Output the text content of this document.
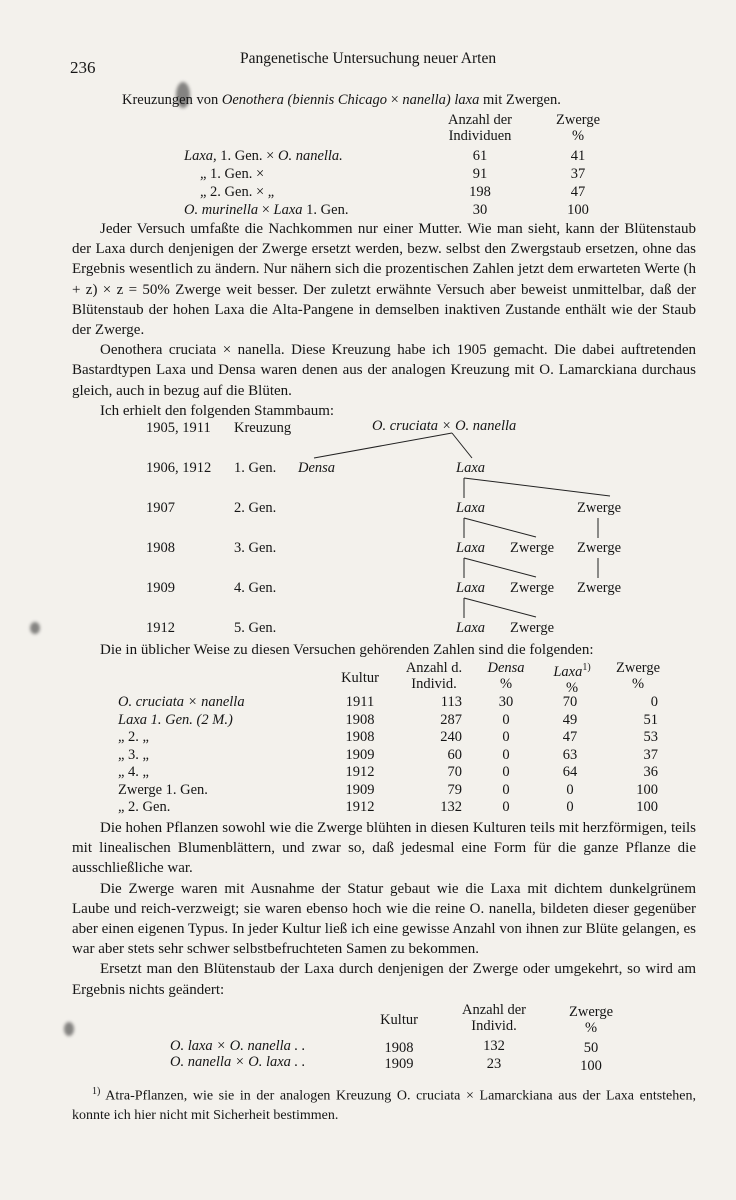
236	Pangenetische Untersuchung neuer Arten
Kreuzungen von Oenothera (biennis Chicago × nanella) laxa mit Zwergen.
Anzahl der
Individuen
Zwerge
%
Laxa, 1. Gen. × O. nanella.	61	41
„ 1. Gen. ×	91	37
„ 2. Gen. × „	198	47
O. murinella × Laxa 1. Gen.	30	100

Jeder Versuch umfaßte die Nachkommen nur einer Mutter. Wie man sieht, kann der Blütenstaub der Laxa durch denjenigen der Zwerge ersetzt werden, bezw. selbst den Zwergstaub ersetzen, ohne das Ergebnis wesentlich zu ändern. Nur nähern sich die prozentischen Zahlen jetzt dem erwarteten Werte (h + z) × z = 50% Zwerge weit besser. Der zuletzt erwähnte Versuch aber beweist unmittelbar, daß der Blütenstaub der hohen Laxa die Alta-Pangene in demselben inaktiven Zustande enthält wie der Staub der Zwerge.

Oenothera cruciata × nanella. Diese Kreuzung habe ich 1905 gemacht. Die dabei auftretenden Bastardtypen Laxa und Densa waren denen aus der analogen Kreuzung mit O. Lamarckiana durchaus gleich, auch in bezug auf die Blüten.

Ich erhielt den folgenden Stammbaum:

1905, 1911 Kreuzung	O. cruciata × O. nanella
1906, 1912 1. Gen. Densa	Laxa
1907	2. Gen.	Laxa	Zwerge
1908	3. Gen.	Laxa Zwerge Zwerge
1909	4. Gen.	Laxa Zwerge Zwerge
1912	5. Gen.	Laxa Zwerge

Die in üblicher Weise zu diesen Versuchen gehörenden Zahlen sind die folgenden:

Kultur
Anzahl d.
Individ.
Densa
%
Laxa$^{1)}$
%
Zwerge
%
O. cruciata × nanella	1911	113	30	70	0
Laxa 1. Gen. (2 M.)	1908	287	0	49	51
„ 2. „	1908	240	0	47	53
„ 3. „	1909	60	0	63	37
„ 4. „	1912	70	0	64	36
Zwerge 1. Gen.	1909	79	0	0	100
„ 2. Gen.	1912	132	0	0	100

Die hohen Pflanzen sowohl wie die Zwerge blühten in diesen Kulturen teils mit herzförmigen, teils mit linealischen Blumenblättern, und zwar so, daß jedesmal eine Form für die ganze Pflanze die ausschließliche war.

Die Zwerge waren mit Ausnahme der Statur gebaut wie die Laxa mit dichtem dunkelgrünem Laube und reich-verzweigt; sie waren ebenso hoch wie die reine O. nanella, bildeten dieser gegenüber aber einen eigenen Typus. In jeder Kultur ließ ich eine gewisse Anzahl von ihnen zur Blüte gelangen, es war aber stets sehr schwer selbstbefruchteten Samen zu bekommen.

Ersetzt man den Blütenstaub der Laxa durch denjenigen der Zwerge oder umgekehrt, so wird am Ergebnis nichts geändert:

Kultur
Anzahl der
Individ.
Zwerge
%
O. laxa × O. nanella . .	1908	132	50
O. nanella × O. laxa . .	1909	23	100
$^{1)}$ Atra-Pflanzen, wie sie in der analogen Kreuzung O. cruciata × Lamarckiana aus der Laxa entstehen, konnte ich hier nicht mit Sicherheit bestimmen.
